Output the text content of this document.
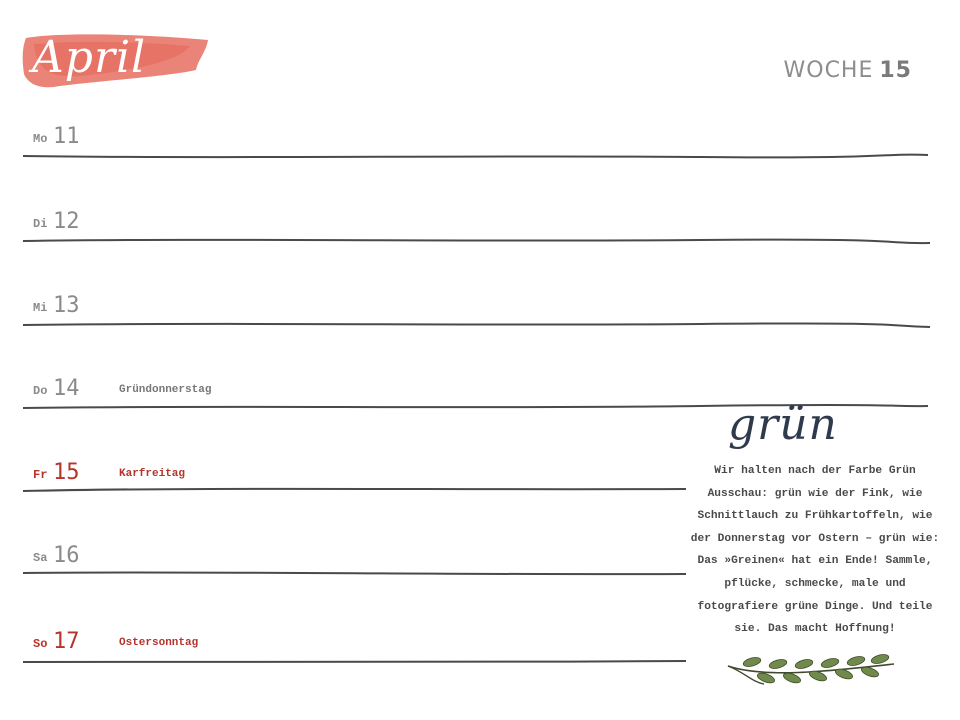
April	WOCHE 15
Mo 11
Di 12
Mi 13
Do 14	Gründonnerstag
Fr 15	Karfreitag
Sa 16
So 17	Ostersonntag
grün

Wir halten nach der Farbe Grün Ausschau: grün wie der Fink, wie Schnittlauch zu Frühkartoffeln, wie der Donnerstag vor Ostern – grün wie: Das »Greinen« hat ein Ende! Sammle, pflücke, schmecke, male und fotografiere grüne Dinge. Und teile sie. Das macht Hoffnung!
